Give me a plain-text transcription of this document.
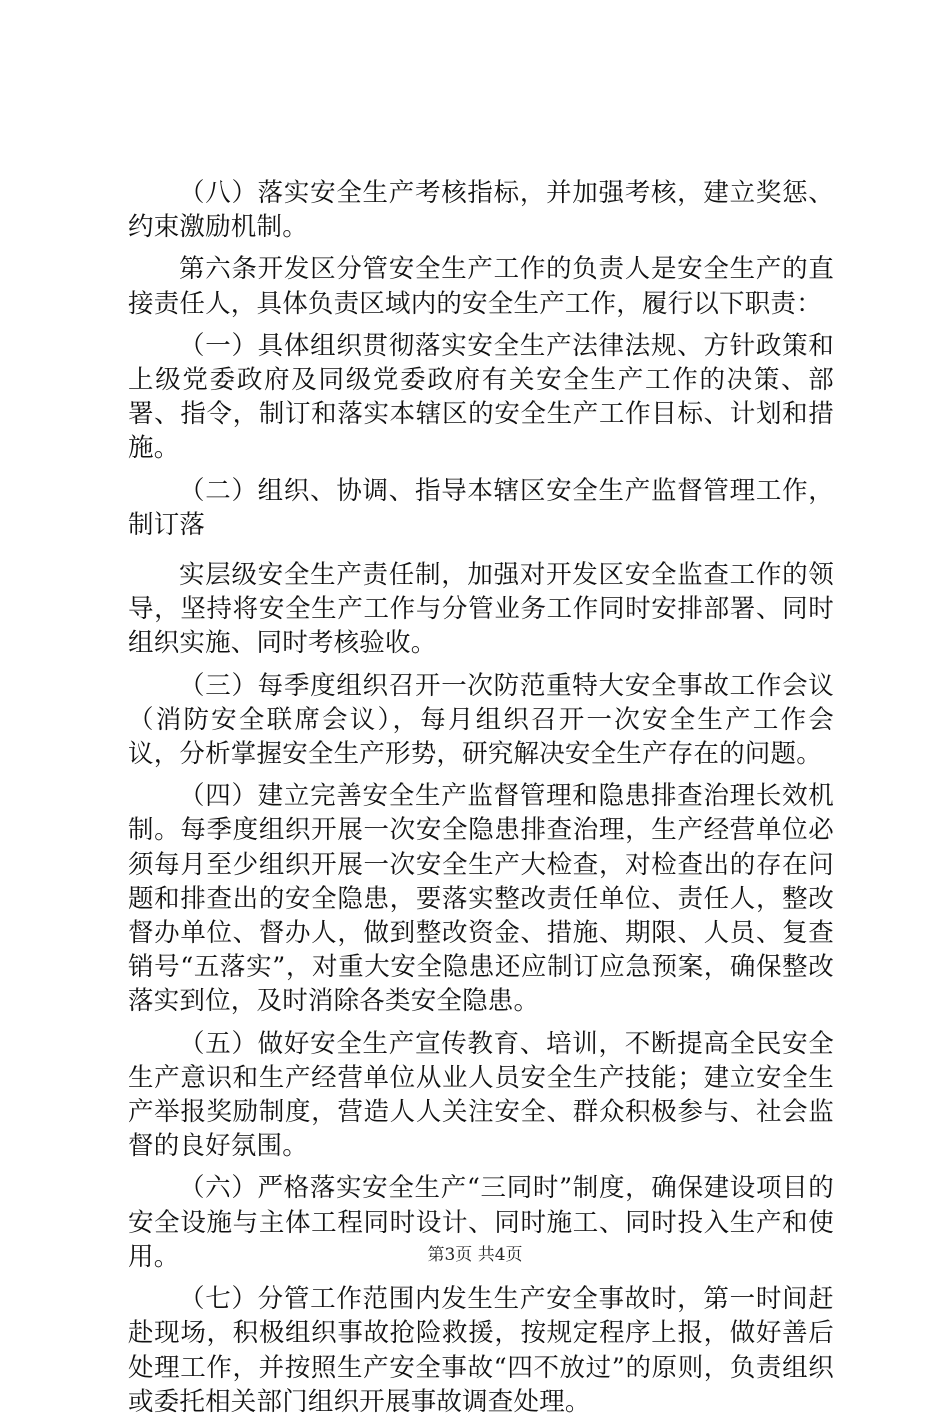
（八）落实安全生产考核指标，并加强考核，建立奖惩、约束激励机制。

第六条开发区分管安全生产工作的负责人是安全生产的直接责任人，具体负责区域内的安全生产工作，履行以下职责：

（一）具体组织贯彻落实安全生产法律法规、方针政策和上级党委政府及同级党委政府有关安全生产工作的决策、部署、指令，制订和落实本辖区的安全生产工作目标、计划和措施。

（二）组织、协调、指导本辖区安全生产监督管理工作，制订落

实层级安全生产责任制，加强对开发区安全监查工作的领导，坚持将安全生产工作与分管业务工作同时安排部署、同时组织实施、同时考核验收。

（三）每季度组织召开一次防范重特大安全事故工作会议（消防安全联席会议），每月组织召开一次安全生产工作会议，分析掌握安全生产形势，研究解决安全生产存在的问题。

（四）建立完善安全生产监督管理和隐患排查治理长效机制。每季度组织开展一次安全隐患排查治理，生产经营单位必须每月至少组织开展一次安全生产大检查，对检查出的存在问题和排查出的安全隐患，要落实整改责任单位、责任人，整改督办单位、督办人，做到整改资金、措施、期限、人员、复查销号“五落实”，对重大安全隐患还应制订应急预案，确保整改落实到位，及时消除各类安全隐患。

（五）做好安全生产宣传教育、培训，不断提高全民安全生产意识和生产经营单位从业人员安全生产技能；建立安全生产举报奖励制度，营造人人关注安全、群众积极参与、社会监督的良好氛围。

（六）严格落实安全生产“三同时”制度，确保建设项目的安全设施与主体工程同时设计、同时施工、同时投入生产和使用。

（七）分管工作范围内发生生产安全事故时，第一时间赶赴现场，积极组织事故抢险救援，按规定程序上报，做好善后处理工作，并按照生产安全事故“四不放过”的原则，负责组织或委托相关部门组织开展事故调查处理。

第3页 共4页
